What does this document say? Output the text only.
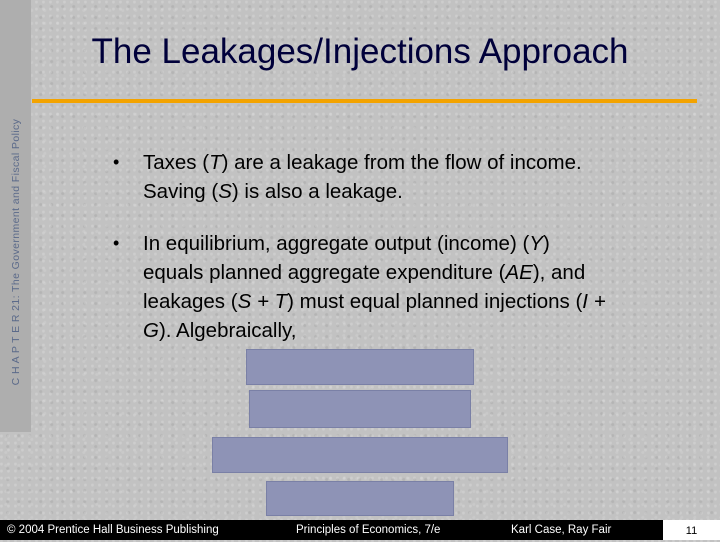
C H A P T E R 21: The Government and Fiscal Policy
The Leakages/Injections Approach
• Taxes (T) are a leakage from the flow of income. Saving (S) is also a leakage.
• In equilibrium, aggregate output (income) (Y) equals planned aggregate expenditure (AE), and leakages (S + T) must equal planned injections (I + G). Algebraically,
© 2004 Prentice Hall Business Publishing	Principles of Economics, 7/e	Karl Case, Ray Fair	11
